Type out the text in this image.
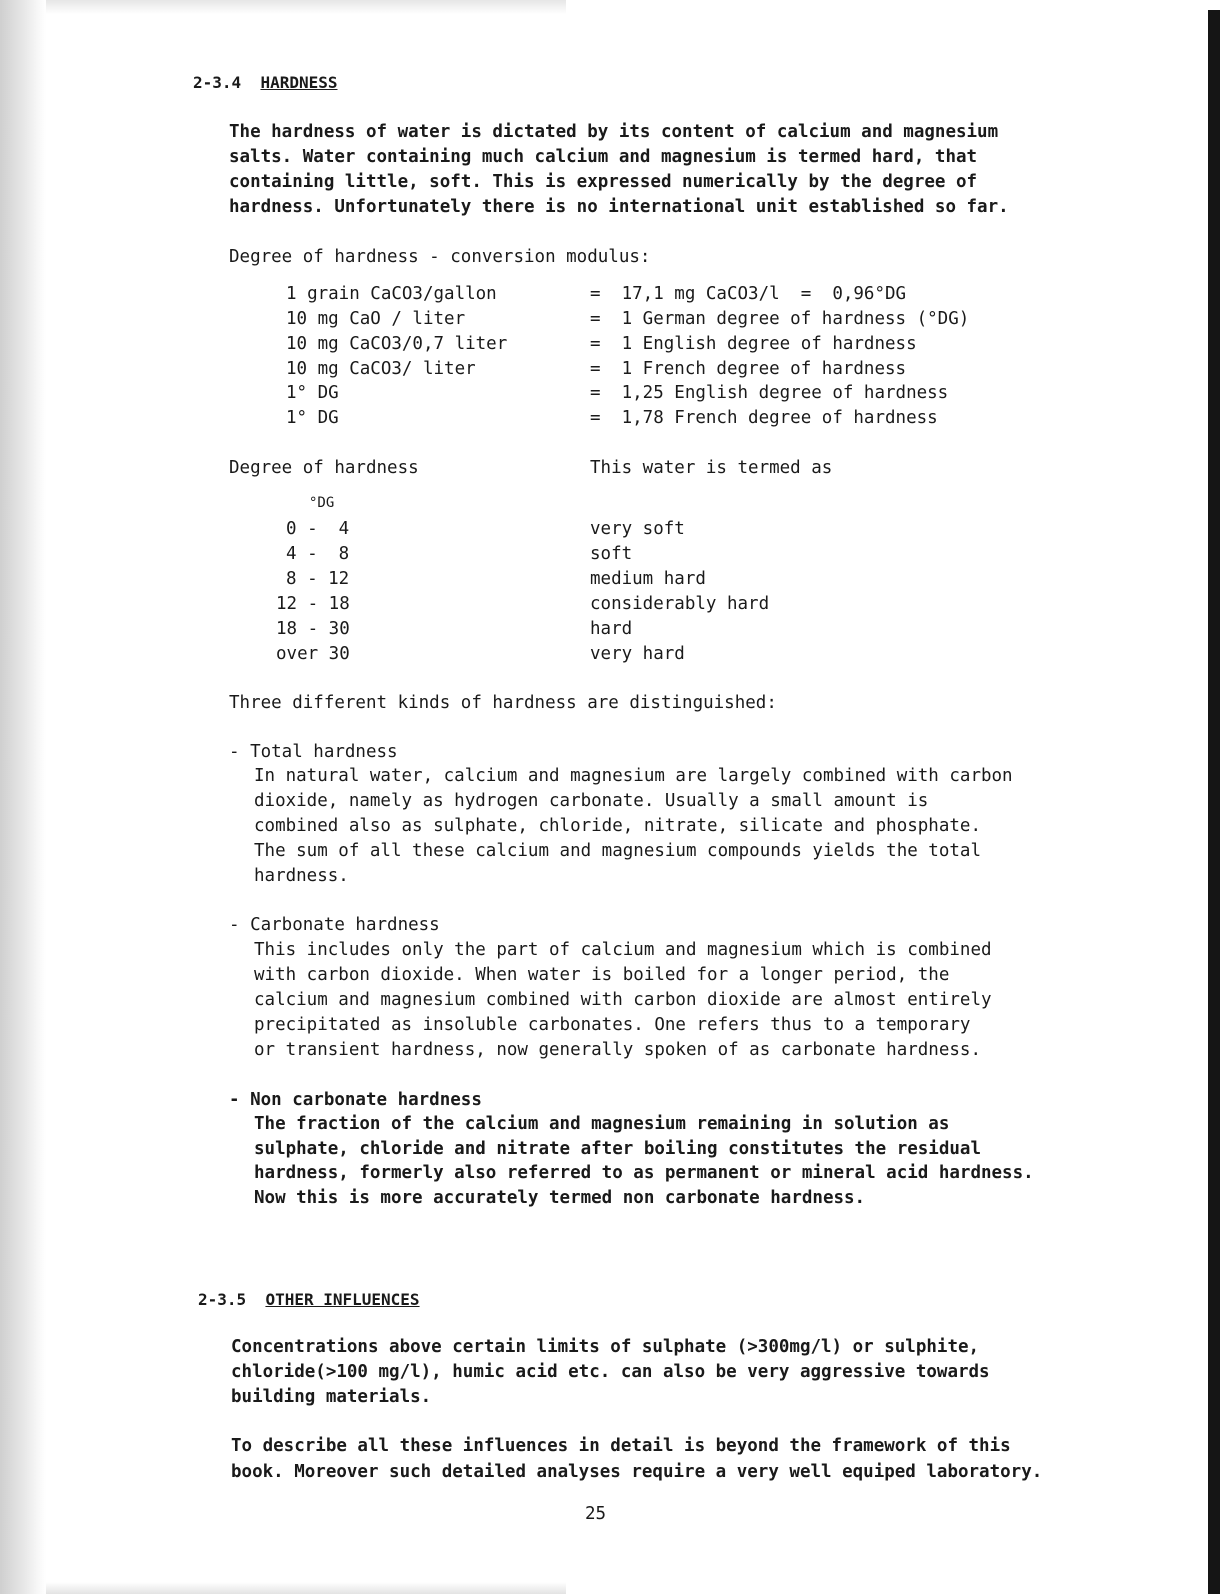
2-3.4 HARDNESS
The hardness of water is dictated by its content of calcium and magnesium
salts. Water containing much calcium and magnesium is termed hard, that
containing little, soft. This is expressed numerically by the degree of
hardness. Unfortunately there is no international unit established so far.
Degree of hardness - conversion modulus:
1 grain CaCO3/gallon	=  17,1 mg CaCO3/l  =  0,96°DG
10 mg CaO / liter	=  1 German degree of hardness (°DG)
10 mg CaCO3/0,7 liter	=  1 English degree of hardness
10 mg CaCO3/ liter	=  1 French degree of hardness
1° DG	=  1,25 English degree of hardness
1° DG	=  1,78 French degree of hardness
Degree of hardness	This water is termed as
°DG
0 -  4	very soft
4 -  8	soft
8 - 12	medium hard
12 - 18	considerably hard
18 - 30	hard
over 30	very hard
Three different kinds of hardness are distinguished:
- Total hardness
In natural water, calcium and magnesium are largely combined with carbon
dioxide, namely as hydrogen carbonate. Usually a small amount is
combined also as sulphate, chloride, nitrate, silicate and phosphate.
The sum of all these calcium and magnesium compounds yields the total
hardness.
- Carbonate hardness
This includes only the part of calcium and magnesium which is combined
with carbon dioxide. When water is boiled for a longer period, the
calcium and magnesium combined with carbon dioxide are almost entirely
precipitated as insoluble carbonates. One refers thus to a temporary
or transient hardness, now generally spoken of as carbonate hardness.
- Non carbonate hardness
The fraction of the calcium and magnesium remaining in solution as
sulphate, chloride and nitrate after boiling constitutes the residual
hardness, formerly also referred to as permanent or mineral acid hardness.
Now this is more accurately termed non carbonate hardness.
2-3.5 OTHER INFLUENCES
Concentrations above certain limits of sulphate (>300mg/l) or sulphite,
chloride(>100 mg/l), humic acid etc. can also be very aggressive towards
building materials.
To describe all these influences in detail is beyond the framework of this
book. Moreover such detailed analyses require a very well equiped laboratory.
25
